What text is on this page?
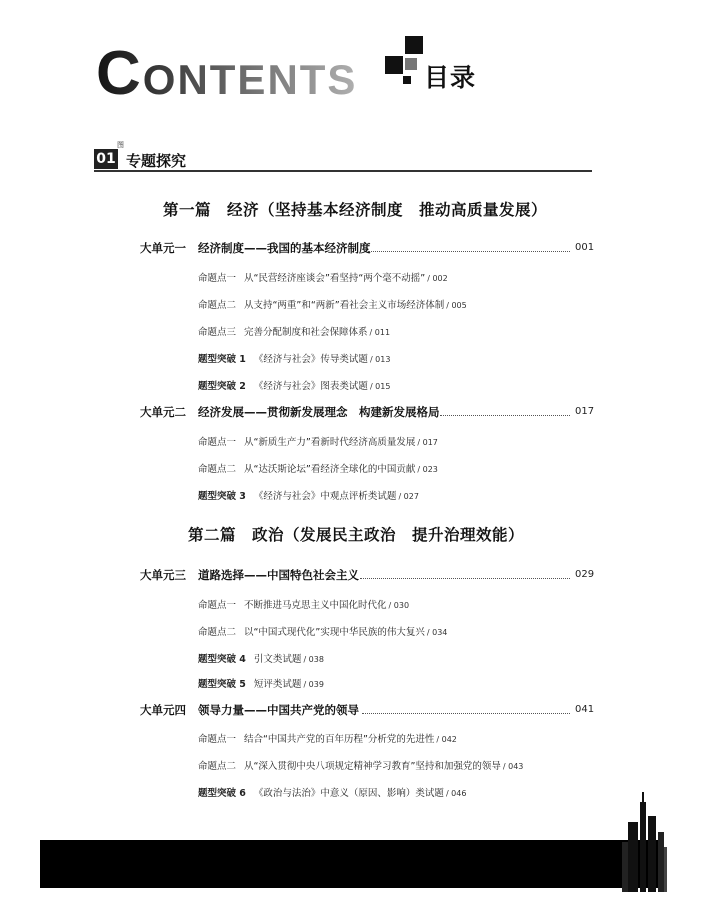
CONTENTS	目录
01
图
专题探究
第一篇　经济（坚持基本经济制度　推动高质量发展）
大单元一 经济制度——我国的基本经济制度	001
命题点一 从“民营经济座谈会”看坚持“两个毫不动摇” / 002
命题点二 从支持“两重”和“两新”看社会主义市场经济体制 / 005
命题点三 完善分配制度和社会保障体系 / 011
题型突破 1 《经济与社会》传导类试题 / 013
题型突破 2 《经济与社会》图表类试题 / 015
大单元二 经济发展——贯彻新发展理念　构建新发展格局	017
命题点一 从“新质生产力”看新时代经济高质量发展 / 017
命题点二 从“达沃斯论坛”看经济全球化的中国贡献 / 023
题型突破 3 《经济与社会》中观点评析类试题 / 027
第二篇　政治（发展民主政治　提升治理效能）
大单元三 道路选择——中国特色社会主义	029
命题点一 不断推进马克思主义中国化时代化 / 030
命题点二 以“中国式现代化”实现中华民族的伟大复兴 / 034
题型突破 4 引文类试题 / 038
题型突破 5 短评类试题 / 039
大单元四 领导力量——中国共产党的领导	041
命题点一 结合“中国共产党的百年历程”分析党的先进性 / 042
命题点二 从“深入贯彻中央八项规定精神学习教育”坚持和加强党的领导 / 043
题型突破 6 《政治与法治》中意义（原因、影响）类试题 / 046
